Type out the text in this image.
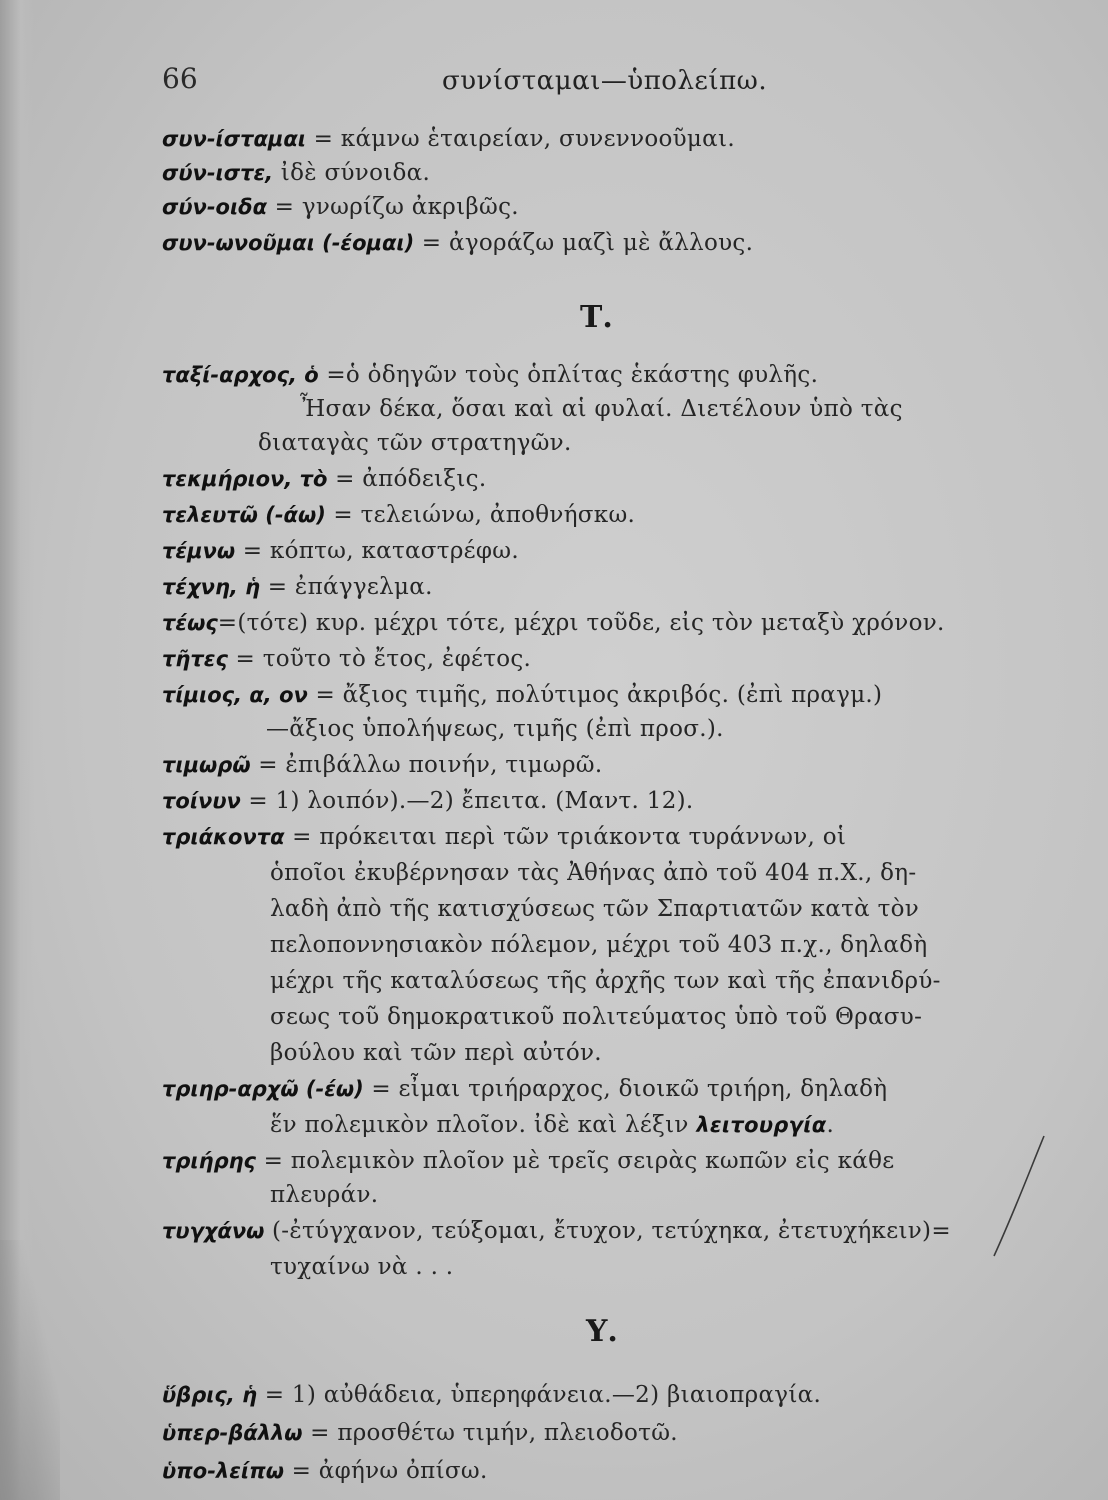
66	συνίσταμαι—ὑπολείπω.
συν-ίσταμαι = κάμνω ἑταιρείαν, συνεννοοῦμαι.
σύν-ιστε, ἰδὲ σύνοιδα.
σύν-οιδα = γνωρίζω ἀκριβῶς.
συν-ωνοῦμαι (-έομαι) = ἀγοράζω μαζὶ μὲ ἄλλους.
Τ.
ταξί-αρχος, ὁ =ὁ ὁδηγῶν τοὺς ὁπλίτας ἑκάστης φυλῆς.
Ἦσαν δέκα, ὅσαι καὶ αἱ φυλαί. Διετέλουν ὑπὸ τὰς
διαταγὰς τῶν στρατηγῶν.
τεκμήριον, τὸ = ἀπόδειξις.
τελευτῶ (-άω) = τελειώνω, ἀποθνήσκω.
τέμνω = κόπτω, καταστρέφω.
τέχνη, ἡ = ἐπάγγελμα.
τέως=(τότε) κυρ. μέχρι τότε, μέχρι τοῦδε, εἰς τὸν μεταξὺ χρόνον.
τῆτες = τοῦτο τὸ ἔτος, ἐφέτος.
τίμιος, α, ον = ἄξιος τιμῆς, πολύτιμος ἀκριβός. (ἐπὶ πραγμ.)
—ἄξιος ὑπολήψεως, τιμῆς (ἐπὶ προσ.).
τιμωρῶ = ἐπιβάλλω ποινήν, τιμωρῶ.
τοίνυν = 1) λοιπόν).—2) ἔπειτα. (Μαντ. 12).
τριάκοντα = πρόκειται περὶ τῶν τριάκοντα τυράννων, οἱ
ὁποῖοι ἐκυβέρνησαν τὰς Ἀθήνας ἀπὸ τοῦ 404 π.Χ., δη-
λαδὴ ἀπὸ τῆς κατισχύσεως τῶν Σπαρτιατῶν κατὰ τὸν
πελοποννησιακὸν πόλεμον, μέχρι τοῦ 403 π.χ., δηλαδὴ
μέχρι τῆς καταλύσεως τῆς ἀρχῆς των καὶ τῆς ἐπανιδρύ-
σεως τοῦ δημοκρατικοῦ πολιτεύματος ὑπὸ τοῦ Θρασυ-
βούλου καὶ τῶν περὶ αὐτόν.
τριηρ-αρχῶ (-έω) = εἶμαι τριήραρχος, διοικῶ τριήρη, δηλαδὴ
ἕν πολεμικὸν πλοῖον. ἰδὲ καὶ λέξιν λειτουργία.
τριήρης = πολεμικὸν πλοῖον μὲ τρεῖς σειρὰς κωπῶν εἰς κάθε
πλευράν.
τυγχάνω (-ἐτύγχανον, τεύξομαι, ἔτυχον, τετύχηκα, ἐτετυχήκειν)=
τυχαίνω νὰ . . .
Υ.
ὕβρις, ἡ = 1) αὐθάδεια, ὑπερηφάνεια.—2) βιαιοπραγία.
ὑπερ-βάλλω = προσθέτω τιμήν, πλειοδοτῶ.
ὑπο-λείπω = ἀφήνω ὀπίσω.
